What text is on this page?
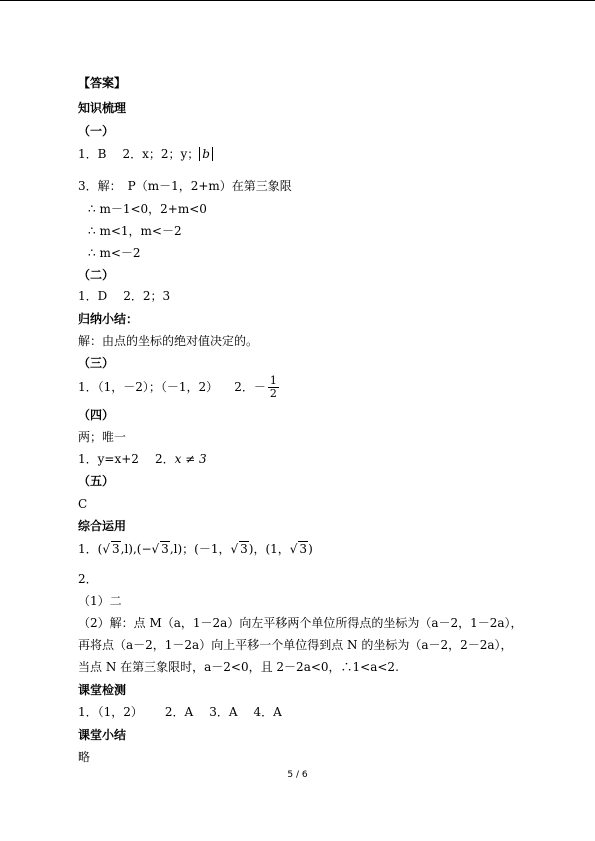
【答案】
知识梳理
（一）
1．B 2．x；2；y； b
3．解：　P（m－1，2+m）在第三象限
∴ m－1<0，2+m<0
∴ m<1，m<－2
∴ m<－2
（二）
1．D 2．2；3
归纳小结：
解：由点的坐标的绝对值决定的。
（三）
1．（1，－2）；（－1，2） 2．－ $\frac{1}{2}$
（四）
两；唯一
1．y=x+2 2．x ≠ 3
（五）
C
综合运用
1．(√ 3,l),(−√ 3,l)；(－1，√ 3)，(1，√ 3)
2．
（1）二
（2）解：点 M（a，1－2a）向左平移两个单位所得点的坐标为（a－2，1－2a），
再将点（a－2，1－2a）向上平移一个单位得到点 N 的坐标为（a－2，2－2a），
当点 N 在第三象限时，a－2<0，且 2－2a<0，∴1<a<2.
课堂检测
1．（1，2） 2．A 3．A 4．A
课堂小结
略
5 / 6
